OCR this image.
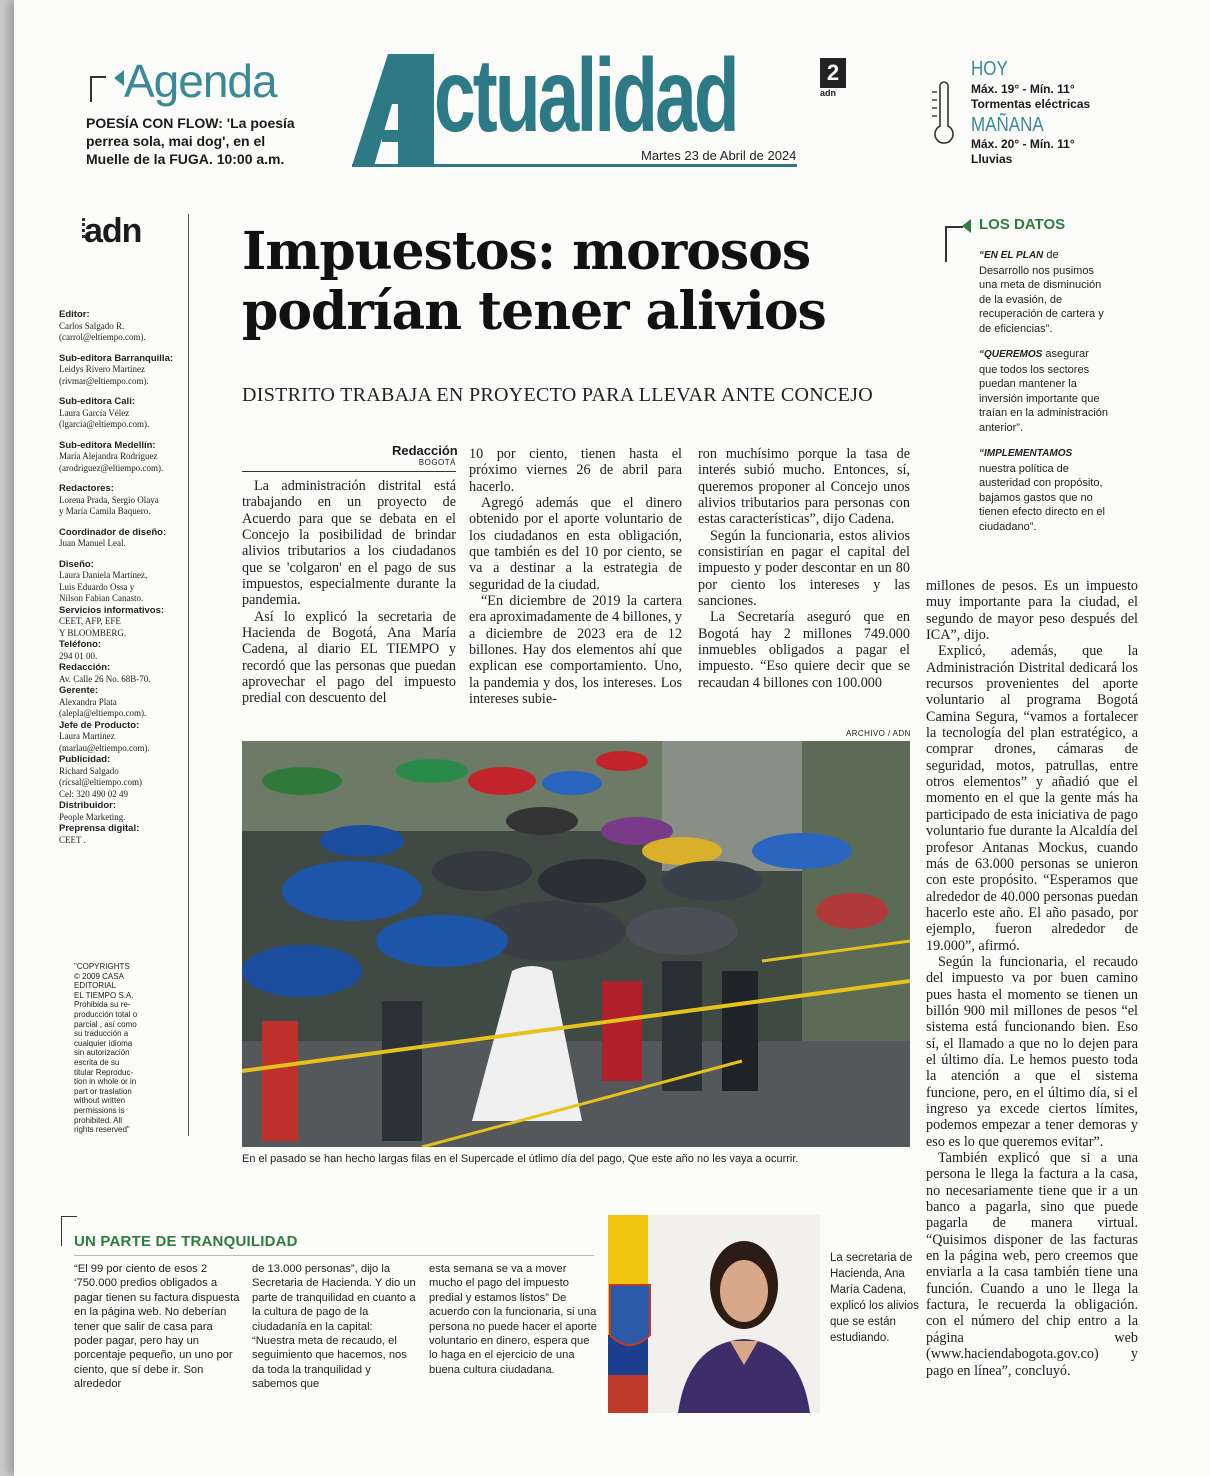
Agenda
POESÍA CON FLOW: 'La poesía perrea sola, mai dog', en el Muelle de la FUGA. 10:00 a.m.
ctualidad
Martes 23 de Abril de 2024
2
adn
HOY
Máx. 19° - Mín. 11°
Tormentas eléctricas
MAÑANA
Máx. 20° - Mín. 11°
Lluvias
adn
Editor:
Carlos Salgado R.
(carrol@eltiempo.com).
Sub-editora Barranquilla:
Leidys Rivero Martínez
(rivmar@eltiempo.com).
Sub-editora Cali:
Laura García Vélez
(lgarcia@eltiempo.com).
Sub-editora Medellín:
María Alejandra Rodríguez
(arodriguez@eltiempo.com).
Redactores:
Lorena Prada, Sergio Olaya
y María Camila Baquero.
Coordinador de diseño:
Juan Manuel Leal.
Diseño:
Laura Daniela Martínez,
Luis Eduardo Ossa y
Nilson Fabian Canasto.
Servicios informativos:
CEET, AFP, EFE
Y BLOOMBERG.
Teléfono:
294 01 00.
Redacción:
Av. Calle 26 No. 68B-70.
Gerente:
Alexandra Plata
(alepla@eltiempo.com).
Jefe de Producto:
Laura Martinez
(marlau@eltiempo.com).
Publicidad:
Richard Salgado
(ricsal@eltiempo.com)
Cel: 320 490 02 49
Distribuidor:
People Marketing.
Preprensa digital:
CEET .
"COPYRIGHTS
© 2009 CASA
EDITORIAL
EL TIEMPO S.A.
Prohibida su re-
producción total o
parcial , así como
su traducción a
cualquier idioma
sin autorización
escrita de su
titular Reproduc-
tion in whole or in
part or traslation
without written
permissions is
prohibited. All
rights reserved"
Impuestos: morosos podrían tener alivios
DISTRITO TRABAJA EN PROYECTO PARA LLEVAR ANTE CONCEJO
LOS DATOS
“EN EL PLAN de Desarrollo nos pusimos una meta de disminución de la evasión, de recuperación de cartera y de eficiencias”.
“QUEREMOS asegurar que todos los sectores puedan mantener la inversión importante que traían en la administración anterior”.
“IMPLEMENTAMOS nuestra política de austeridad con propósito, bajamos gastos que no tienen efecto directo en el ciudadano”.
Redacción
BOGOTÁ

La administración distrital está trabajando en un proyecto de Acuerdo para que se debata en el Concejo la posibilidad de brindar alivios tributarios a los ciudadanos que se 'colgaron' en el pago de sus impuestos, especialmente durante la pandemia.

Así lo explicó la secretaria de Hacienda de Bogotá, Ana María Cadena, al diario EL TIEMPO y recordó que las personas que puedan aprovechar el pago del impuesto predial con descuento del

10 por ciento, tienen hasta el próximo viernes 26 de abril para hacerlo.

Agregó además que el dinero obtenido por el aporte voluntario de los ciudadanos en esta obligación, que también es del 10 por ciento, se va a destinar a la estrategia de seguridad de la ciudad.

“En diciembre de 2019 la cartera era aproximadamente de 4 billones, y a diciembre de 2023 era de 12 billones. Hay dos elementos ahí que explican ese comportamiento. Uno, la pandemia y dos, los intereses. Los intereses subie-

ron muchísimo porque la tasa de interés subió mucho. Entonces, sí, queremos proponer al Concejo unos alivios tributarios para personas con estas características”, dijo Cadena.

Según la funcionaria, estos alivios consistirían en pagar el capital del impuesto y poder descontar en un 80 por ciento los intereses y las sanciones.

La Secretaría aseguró que en Bogotá hay 2 millones 749.000 inmuebles obligados a pagar el impuesto. “Eso quiere decir que se recaudan 4 billones con 100.000

millones de pesos. Es un impuesto muy importante para la ciudad, el segundo de mayor peso después del ICA”, dijo.

Explicó, además, que la Administración Distrital dedicará los recursos provenientes del aporte voluntario al programa Bogotá Camina Segura, “vamos a fortalecer la tecnología del plan estratégico, a comprar drones, cámaras de seguridad, motos, patrullas, entre otros elementos” y añadió que el momento en el que la gente más ha participado de esta iniciativa de pago voluntario fue durante la Alcaldía del profesor Antanas Mockus, cuando más de 63.000 personas se unieron con este propósito. “Esperamos que alrededor de 40.000 personas puedan hacerlo este año. El año pasado, por ejemplo, fueron alrededor de 19.000”, afirmó.

Según la funcionaria, el recaudo del impuesto va por buen camino pues hasta el momento se tienen un billón 900 mil millones de pesos “el sistema está funcionando bien. Eso sí, el llamado a que no lo dejen para el último día. Le hemos puesto toda la atención a que el sistema funcione, pero, en el último día, si el ingreso ya excede ciertos límites, podemos empezar a tener demoras y eso es lo que queremos evitar”.

También explicó que si a una persona le llega la factura a la casa, no necesariamente tiene que ir a un banco a pagarla, sino que puede pagarla de manera virtual. “Quisimos disponer de las facturas en la página web, pero creemos que enviarla a la casa también tiene una función. Cuando a uno le llega la factura, le recuerda la obligación. con el número del chip entro a la página web (www.haciendabogota.gov.co) y pago en línea”, concluyó.

ARCHIVO / ADN
En el pasado se han hecho largas filas en el Supercade el útlimo día del pago, Que este año no les vaya a ocurrir.
UN PARTE DE TRANQUILIDAD
“El 99 por ciento de esos 2 ‘750.000 predios obligados a pagar tienen su factura dispuesta en la página web. No deberían tener que salir de casa para poder pagar, pero hay un porcentaje pequeño, un uno por ciento, que sí debe ir. Son alrededor
de 13.000 personas”, dijo la Secretaria de Hacienda. Y dio un parte de tranquilidad en cuanto a la cultura de pago de la ciudadanía en la capital: “Nuestra meta de recaudo, el seguimiento que hacemos, nos da toda la tranquilidad y sabemos que
esta semana se va a mover mucho el pago del impuesto predial y estamos listos” De acuerdo con la funcionaria, si una persona no puede hacer el aporte voluntario en dinero, espera que lo haga en el ejercicio de una buena cultura ciudadana.
La secretaria de Hacienda, Ana María Cadena, explicó los alivios que se están estudiando.
